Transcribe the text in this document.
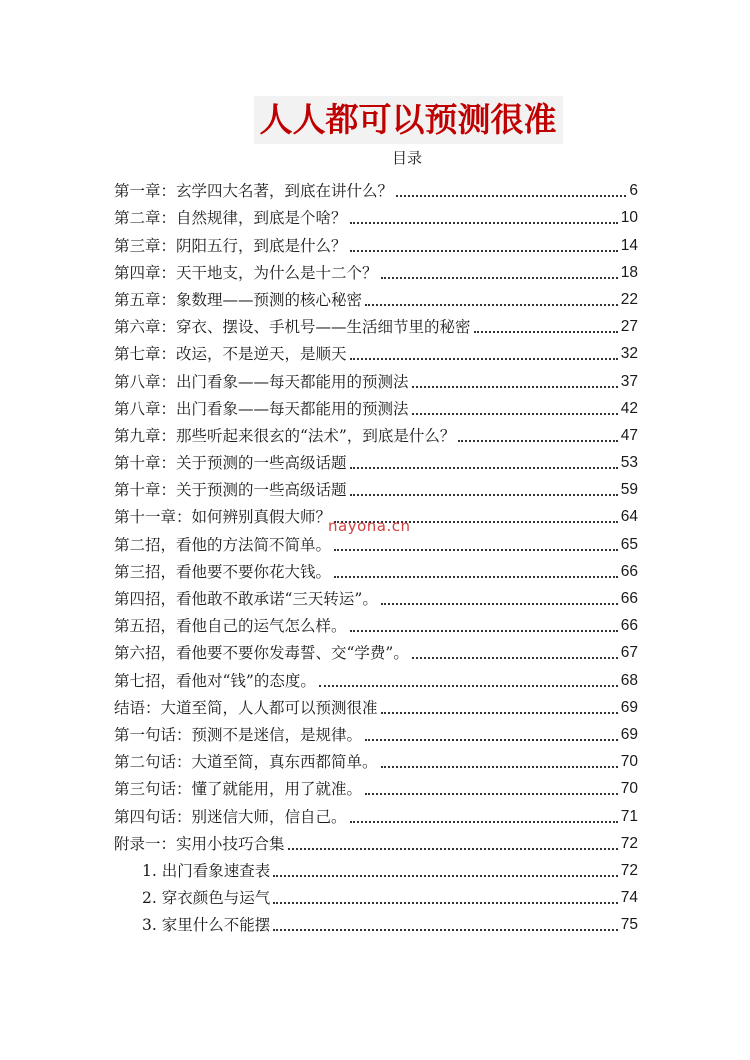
人人都可以预测很准
目录
第一章：玄学四大名著，到底在讲什么？	6
第二章：自然规律，到底是个啥？	10
第三章：阴阳五行，到底是什么？	14
第四章：天干地支，为什么是十二个？	18
第五章：象数理——预测的核心秘密	22
第六章：穿衣、摆设、手机号——生活细节里的秘密	27
第七章：改运，不是逆天，是顺天	32
第八章：出门看象——每天都能用的预测法	37
第八章：出门看象——每天都能用的预测法	42
第九章：那些听起来很玄的“法术”，到底是什么？	47
第十章：关于预测的一些高级话题	53
第十章：关于预测的一些高级话题	59
第十一章：如何辨别真假大师？	64
第二招，看他的方法简不简单。	65
第三招，看他要不要你花大钱。	66
第四招，看他敢不敢承诺“三天转运”。	66
第五招，看他自己的运气怎么样。	66
第六招，看他要不要你发毒誓、交“学费”。	67
第七招，看他对“钱”的态度。	68
结语：大道至简，人人都可以预测很准	69
第一句话：预测不是迷信，是规律。	69
第二句话：大道至简，真东西都简单。	70
第三句话：懂了就能用，用了就准。	70
第四句话：别迷信大师，信自己。	71
附录一：实用小技巧合集	72
1. 出门看象速查表	72
2. 穿衣颜色与运气	74
3. 家里什么不能摆	75
nayona.cn
